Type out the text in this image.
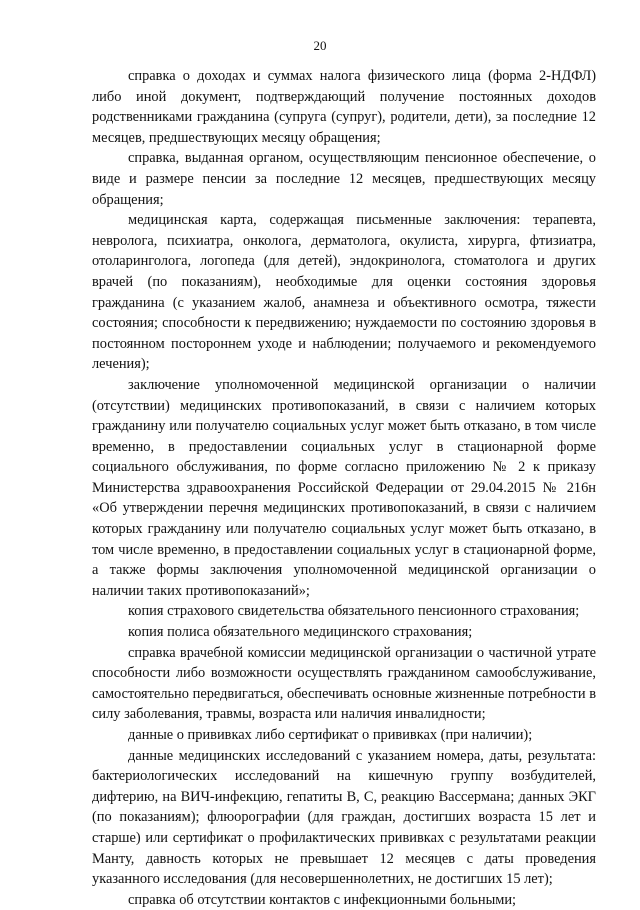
20

справка о доходах и суммах налога физического лица (форма 2-НДФЛ) либо иной документ, подтверждающий получение постоянных доходов родственниками гражданина (супруга (супруг), родители, дети), за последние 12 месяцев, предшествующих месяцу обращения;

справка, выданная органом, осуществляющим пенсионное обеспечение, о виде и размере пенсии за последние 12 месяцев, предшествующих месяцу обращения;

медицинская карта, содержащая письменные заключения: терапевта, невролога, психиатра, онколога, дерматолога, окулиста, хирурга, фтизиатра, отоларинголога, логопеда (для детей), эндокринолога, стоматолога и других врачей (по показаниям), необходимые для оценки состояния здоровья гражданина (с указанием жалоб, анамнеза и объективного осмотра, тяжести состояния; способности к передвижению; нуждаемости по состоянию здоровья в постоянном постороннем уходе и наблюдении; получаемого и рекомендуемого лечения);

заключение уполномоченной медицинской организации о наличии (отсутствии) медицинских противопоказаний, в связи с наличием которых гражданину или получателю социальных услуг может быть отказано, в том числе временно, в предоставлении социальных услуг в стационарной форме социального обслуживания, по форме согласно приложению № 2 к приказу Министерства здравоохранения Российской Федерации от 29.04.2015 № 216н «Об утверждении перечня медицинских противопоказаний, в связи с наличием которых гражданину или получателю социальных услуг может быть отказано, в том числе временно, в предоставлении социальных услуг в стационарной форме, а также формы заключения уполномоченной медицинской организации о наличии таких противопоказаний»;

копия страхового свидетельства обязательного пенсионного страхования;

копия полиса обязательного медицинского страхования;

справка врачебной комиссии медицинской организации о частичной утрате способности либо возможности осуществлять гражданином самообслуживание, самостоятельно передвигаться, обеспечивать основные жизненные потребности в силу заболевания, травмы, возраста или наличия инвалидности;

данные о прививках либо сертификат о прививках (при наличии);

данные медицинских исследований с указанием номера, даты, результата: бактериологических исследований на кишечную группу возбудителей, дифтерию, на ВИЧ-инфекцию, гепатиты В, С, реакцию Вассермана; данных ЭКГ (по показаниям); флюорографии (для граждан, достигших возраста 15 лет и старше) или сертификат о профилактических прививках с результатами реакции Манту, давность которых не превышает 12 месяцев с даты проведения указанного исследования (для несовершеннолетних, не достигших 15 лет);

справка об отсутствии контактов с инфекционными больными;
